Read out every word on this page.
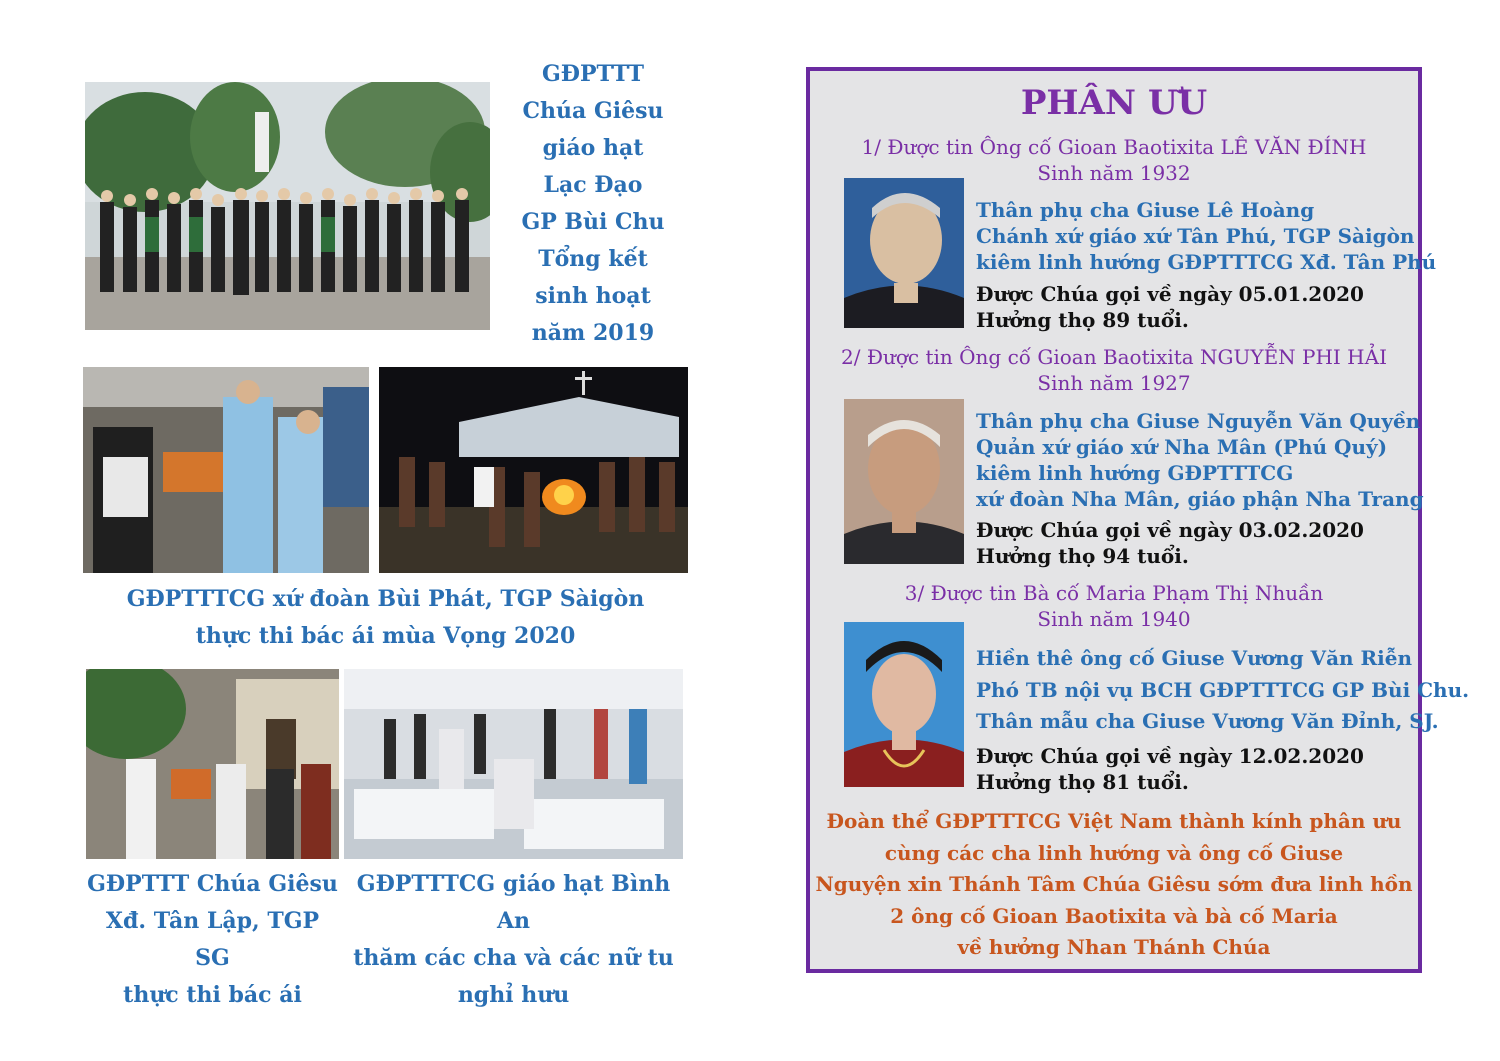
GĐPTTT
Chúa Giêsu
giáo hạt
Lạc Đạo
GP Bùi Chu
Tổng kết
sinh hoạt
năm 2019
GĐPTTTCG xứ đoàn Bùi Phát, TGP Sàigòn
thực thi bác ái mùa Vọng 2020
GĐPTTT Chúa Giêsu
Xđ. Tân Lập, TGP SG
thực thi bác ái
GĐPTTTCG giáo hạt Bình An
thăm các cha và các nữ tu
nghỉ hưu
PHÂN ƯU
1/ Được tin Ông cố Gioan Baotixita LÊ VĂN ĐÍNH
Sinh năm 1932
Thân phụ cha Giuse Lê Hoàng
Chánh xứ giáo xứ Tân Phú, TGP Sàigòn
kiêm linh hướng GĐPTTTCG Xđ. Tân Phú
Được Chúa gọi về ngày 05.01.2020
Hưởng thọ 89 tuổi.
2/ Được tin Ông cố Gioan Baotixita NGUYỄN PHI HẢI
Sinh năm 1927
Thân phụ cha Giuse Nguyễn Văn Quyền
Quản xứ giáo xứ Nha Mân (Phú Quý)
kiêm linh hướng GĐPTTTCG
xứ đoàn Nha Mân, giáo phận Nha Trang
Được Chúa gọi về ngày 03.02.2020
Hưởng thọ 94 tuổi.
3/ Được tin Bà cố Maria Phạm Thị Nhuần
Sinh năm 1940
Hiền thê ông cố Giuse Vương Văn Riễn
Phó TB nội vụ BCH GĐPTTTCG GP Bùi Chu.
Thân mẫu cha Giuse Vương Văn Đỉnh, SJ.
Được Chúa gọi về ngày 12.02.2020
Hưởng thọ 81 tuổi.
Đoàn thể GĐPTTTCG Việt Nam thành kính phân ưu
cùng các cha linh hướng và ông cố Giuse
Nguyện xin Thánh Tâm Chúa Giêsu sớm đưa linh hồn
2 ông cố Gioan Baotixita và bà cố Maria
về hưởng Nhan Thánh Chúa
